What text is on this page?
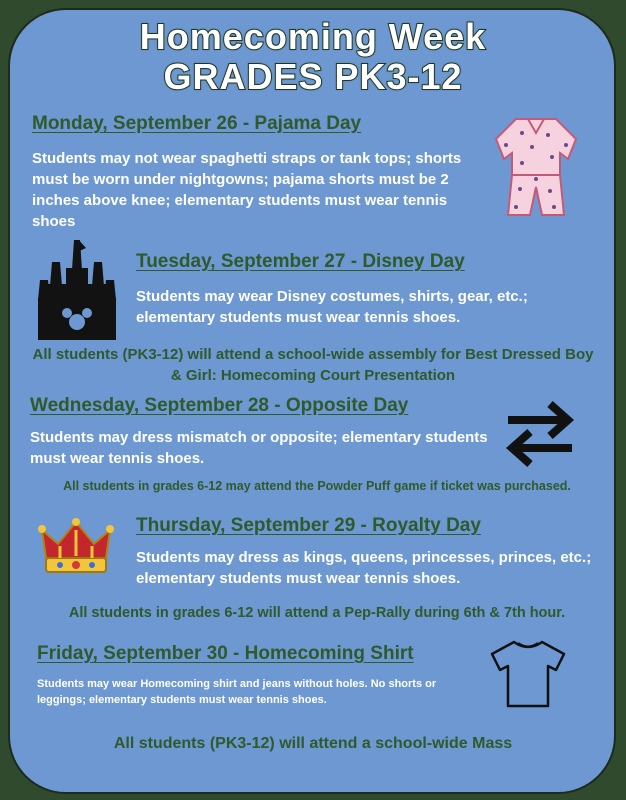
Homecoming Week
GRADES PK3-12
Monday, September 26 - Pajama Day
Students may not wear spaghetti straps or tank tops; shorts must be worn under nightgowns; pajama shorts must be 2 inches above knee; elementary students must wear tennis shoes
Tuesday, September 27 - Disney Day
Students may wear Disney costumes, shirts, gear, etc.; elementary students must wear tennis shoes.
All students (PK3-12) will attend a school-wide assembly for Best Dressed Boy & Girl: Homecoming Court Presentation
Wednesday, September 28 - Opposite Day
Students may dress mismatch or opposite; elementary students must wear tennis shoes.
All students in grades 6-12 may attend the Powder Puff game if ticket was purchased.
Thursday, September 29 - Royalty Day
Students may dress as kings, queens, princesses, princes, etc.; elementary students must wear tennis shoes.
All students in grades 6-12 will attend a Pep-Rally during 6th & 7th hour.
Friday, September 30 - Homecoming Shirt
Students may wear Homecoming shirt and jeans without holes. No shorts or leggings; elementary students must wear tennis shoes.
All students (PK3-12) will attend a school-wide Mass
